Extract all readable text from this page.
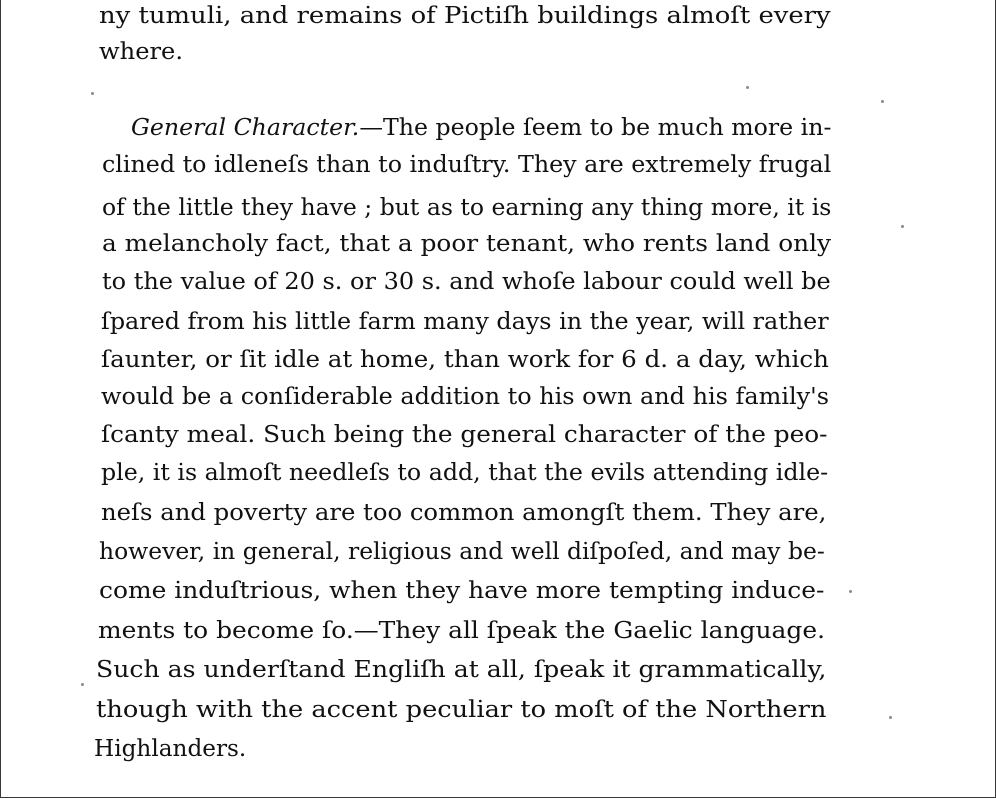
ny tumuli, and remains of Pictiſh buildings almoſt every
where.
General Character.—The people ſeem to be much more in-
clined to idleneſs than to induſtry. They are extremely frugal
of the little they have ; but as to earning any thing more, it is
a melancholy fact, that a poor tenant, who rents land only
to the value of 20 s. or 30 s. and whoſe labour could well be
ſpared from his little farm many days in the year, will rather
ſaunter, or ſit idle at home, than work for 6 d. a day, which
would be a conſiderable addition to his own and his family's
ſcanty meal. Such being the general character of the peo-
ple, it is almoſt needleſs to add, that the evils attending idle-
neſs and poverty are too common amongſt them. They are,
however, in general, religious and well diſpoſed, and may be-
come induſtrious, when they have more tempting induce-
ments to become ſo.—They all ſpeak the Gaelic language.
Such as underſtand Engliſh at all, ſpeak it grammatically,
though with the accent peculiar to moſt of the Northern
Highlanders.
